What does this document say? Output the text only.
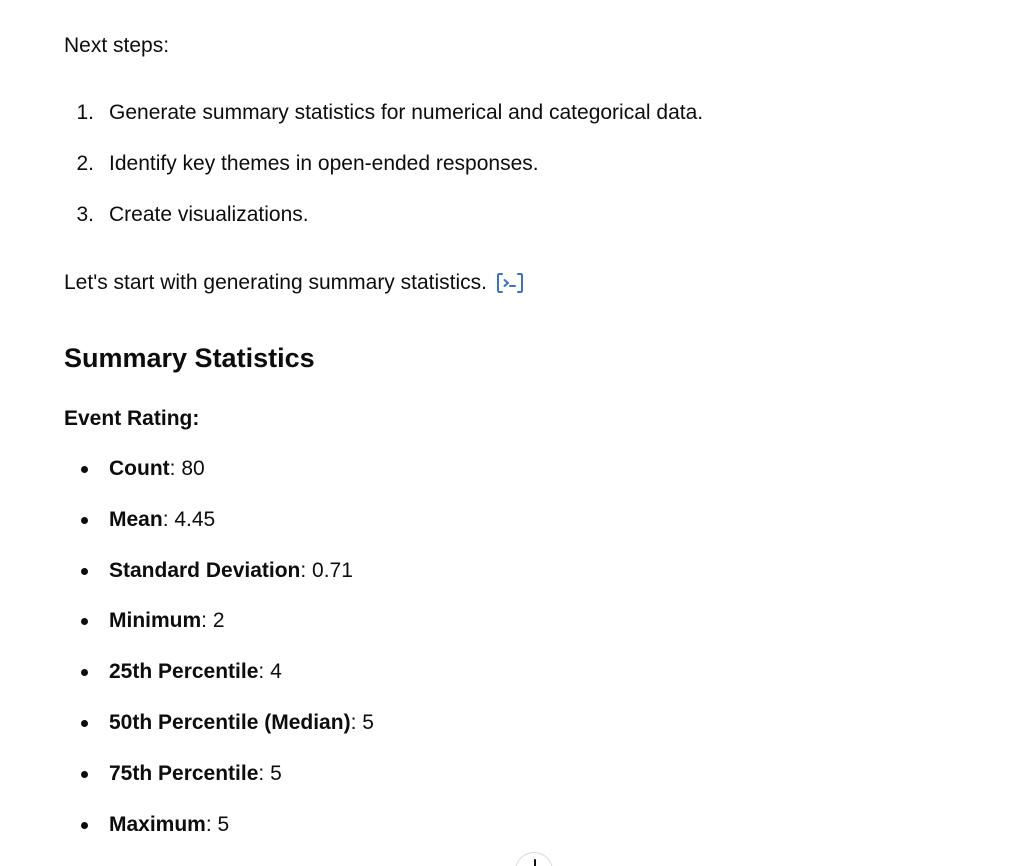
Next steps:

1. Generate summary statistics for numerical and categorical data.
2. Identify key themes in open-ended responses.
3. Create visualizations.
Let's start with generating summary statistics.
Summary Statistics
Event Rating:
Count : 80
Mean : 4.45
Standard Deviation : 0.71
Minimum : 2
25th Percentile : 4
50th Percentile (Median) : 5
75th Percentile : 5
Maximum : 5
